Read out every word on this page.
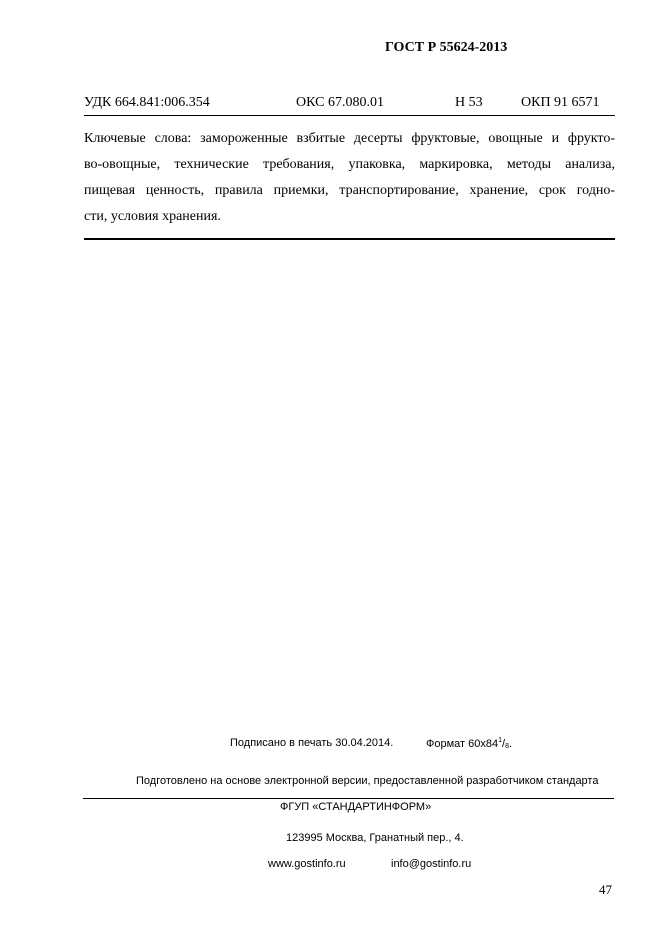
ГОСТ Р 55624-2013
УДК 664.841:006.354	ОКС 67.080.01	Н 53	ОКП 91 6571
Ключевые слова: замороженные взбитые десерты фруктовые, овощные и фрукто-
во-овощные, технические требования, упаковка, маркировка, методы анализа,
пищевая ценность, правила приемки, транспортирование, хранение, срок годно-
сти, условия хранения.
Подписано в печать 30.04.2014.	Формат $60x84^1/_8$.
Подготовлено на основе электронной версии, предоставленной разработчиком стандарта
ФГУП «СТАНДАРТИНФОРМ»
123995 Москва, Гранатный пер., 4.
www.gostinfo.ru	info@gostinfo.ru
47
